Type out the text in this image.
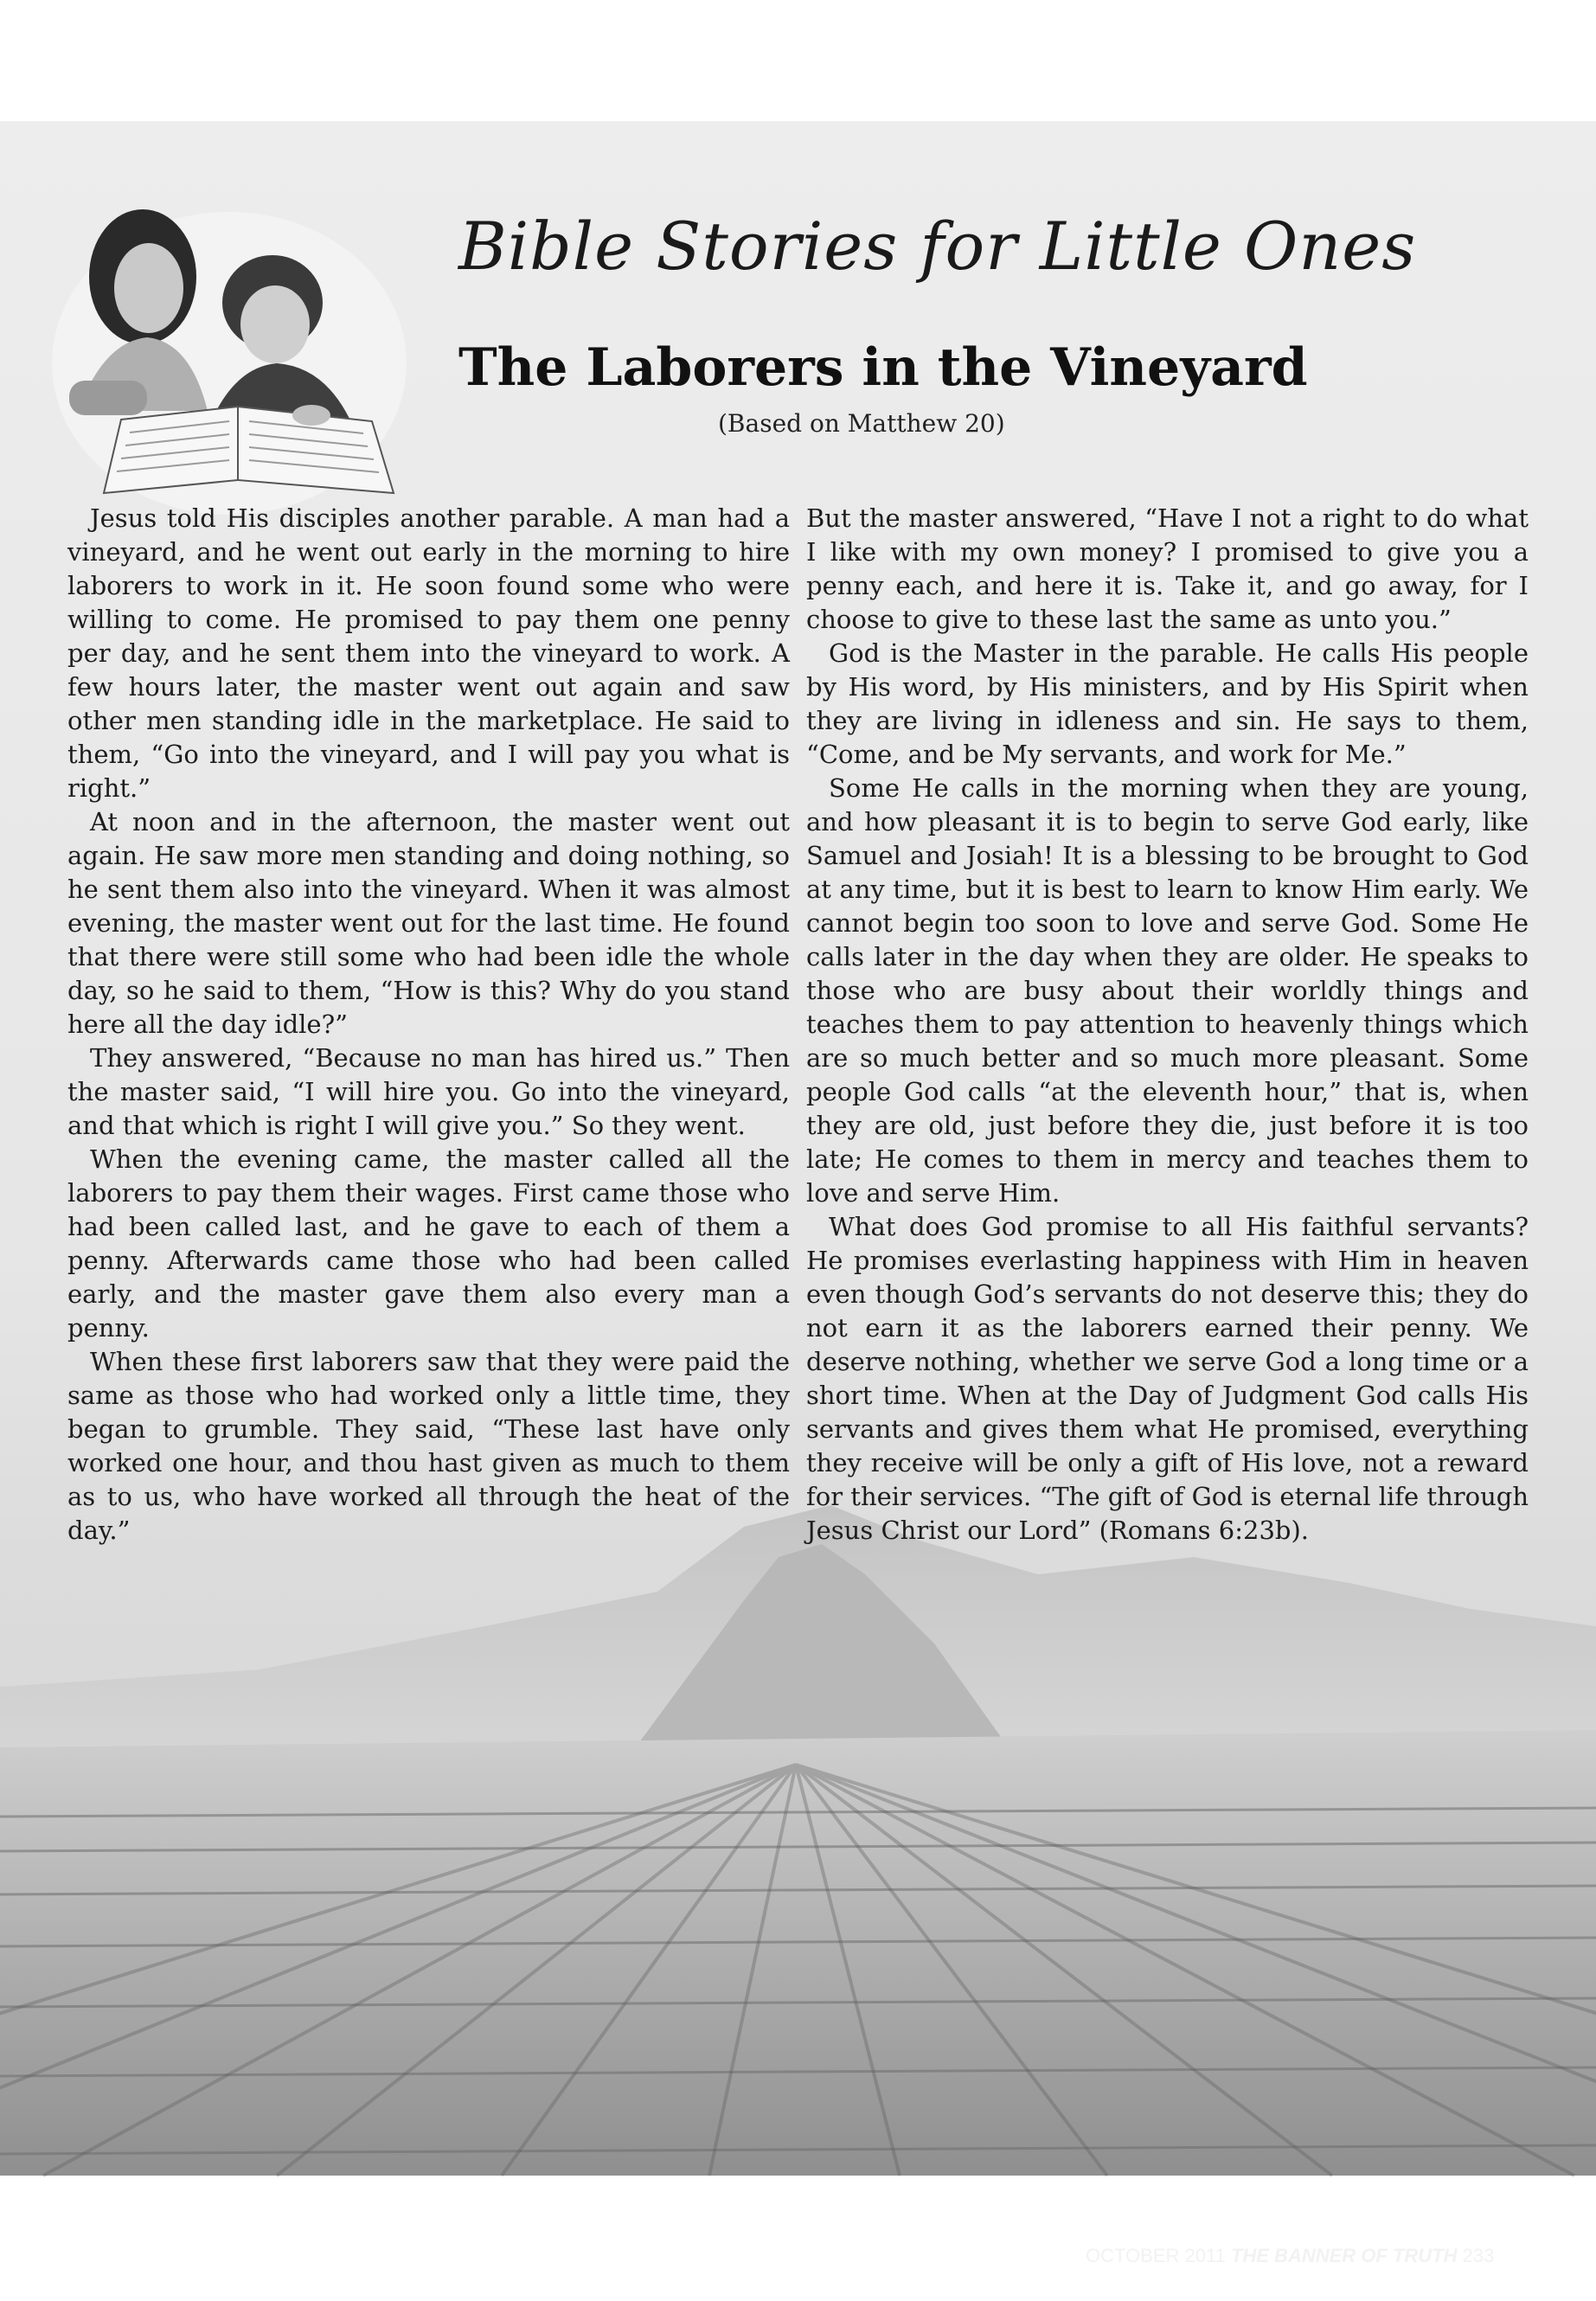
Bible Stories for Little Ones
The Laborers in the Vineyard
(Based on Matthew 20)

Jesus told His disciples another parable. A man had a vineyard, and he went out early in the morning to hire laborers to work in it. He soon found some who were willing to come. He promised to pay them one penny per day, and he sent them into the vineyard to work. A few hours later, the master went out again and saw other men standing idle in the marketplace. He said to them, “Go into the vineyard, and I will pay you what is right.”

At noon and in the afternoon, the master went out again. He saw more men standing and doing nothing, so he sent them also into the vineyard. When it was almost evening, the master went out for the last time. He found that there were still some who had been idle the whole day, so he said to them, “How is this? Why do you stand here all the day idle?”

They answered, “Because no man has hired us.” Then the master said, “I will hire you. Go into the vineyard, and that which is right I will give you.” So they went.

When the evening came, the master called all the laborers to pay them their wages. First came those who had been called last, and he gave to each of them a penny. Afterwards came those who had been called early, and the master gave them also every man a penny.

When these first laborers saw that they were paid the same as those who had worked only a little time, they began to grumble. They said, “These last have only worked one hour, and thou hast given as much to them as to us, who have worked all through the heat of the day.”

But the master answered, “Have I not a right to do what I like with my own money? I promised to give you a penny each, and here it is. Take it, and go away, for I choose to give to these last the same as unto you.”

God is the Master in the parable. He calls His people by His word, by His ministers, and by His Spirit when they are living in idleness and sin. He says to them, “Come, and be My servants, and work for Me.”

Some He calls in the morning when they are young, and how pleasant it is to begin to serve God early, like Samuel and Josiah! It is a blessing to be brought to God at any time, but it is best to learn to know Him early. We cannot begin too soon to love and serve God. Some He calls later in the day when they are older. He speaks to those who are busy about their worldly things and teaches them to pay attention to heavenly things which are so much better and so much more pleasant. Some people God calls “at the eleventh hour,” that is, when they are old, just before they die, just before it is too late; He comes to them in mercy and teaches them to love and serve Him.

What does God promise to all His faithful servants? He promises everlasting happiness with Him in heaven even though God’s servants do not deserve this; they do not earn it as the laborers earned their penny. We deserve nothing, whether we serve God a long time or a short time. When at the Day of Judgment God calls His servants and gives them what He promised, everything they receive will be only a gift of His love, not a reward for their services. “The gift of God is eternal life through Jesus Christ our Lord” (Romans 6:23b).

OCTOBER 2011 THE BANNER OF TRUTH 233
